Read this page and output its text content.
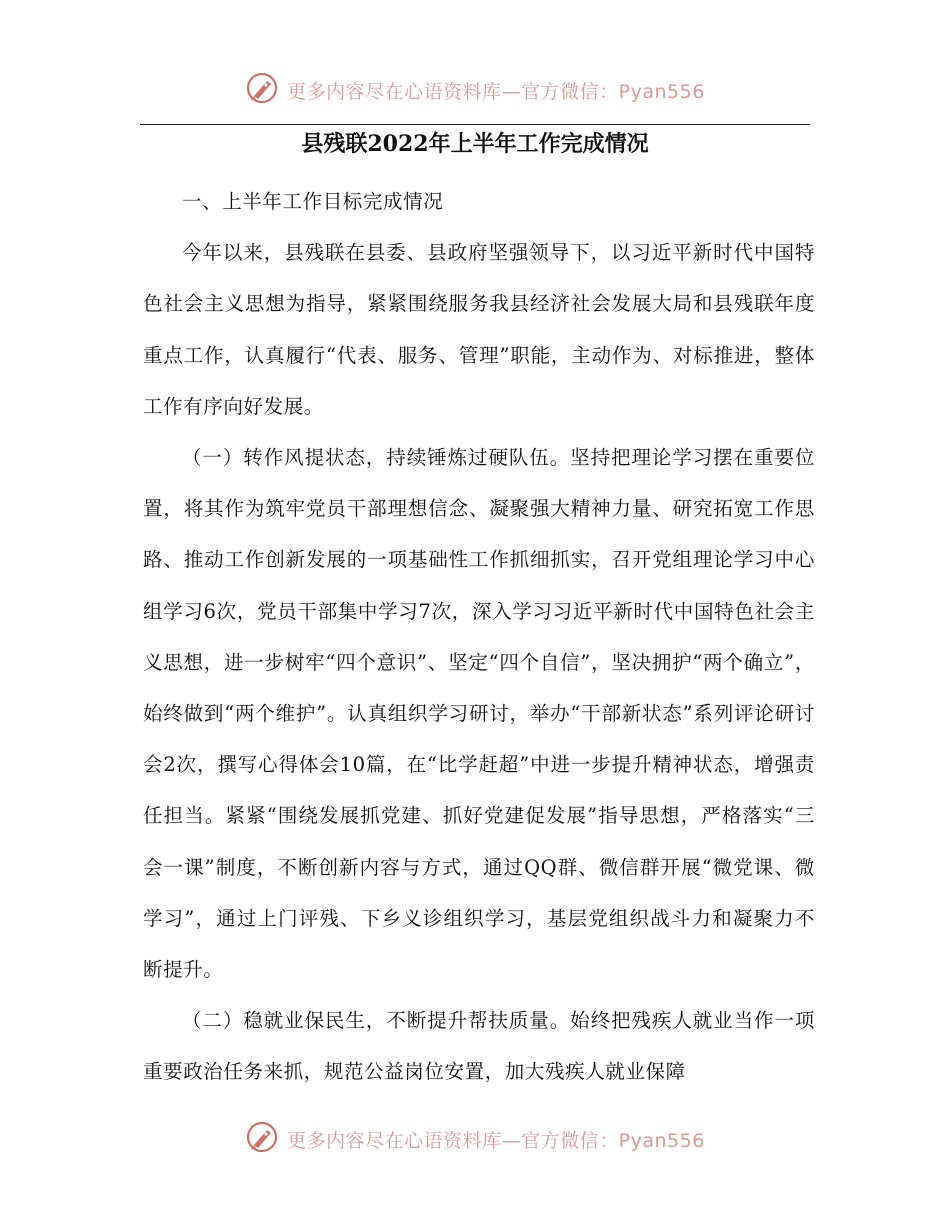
更多内容尽在心语资料库—官方微信：Pyan556
县残联2022年上半年工作完成情况

一、上半年工作目标完成情况

今年以来，县残联在县委、县政府坚强领导下，以习近平新时代中国特色社会主义思想为指导，紧紧围绕服务我县经济社会发展大局和县残联年度重点工作，认真履行“代表、服务、管理”职能，主动作为、对标推进，整体工作有序向好发展。

（一）转作风提状态，持续锤炼过硬队伍。坚持把理论学习摆在重要位置，将其作为筑牢党员干部理想信念、凝聚强大精神力量、研究拓宽工作思路、推动工作创新发展的一项基础性工作抓细抓实，召开党组理论学习中心组学习6次，党员干部集中学习7次，深入学习习近平新时代中国特色社会主义思想，进一步树牢“四个意识”、坚定“四个自信”，坚决拥护“两个确立”，始终做到“两个维护”。认真组织学习研讨，举办“干部新状态”系列评论研讨会2次，撰写心得体会10篇，在“比学赶超”中进一步提升精神状态，增强责任担当。紧紧“围绕发展抓党建、抓好党建促发展”指导思想，严格落实“三会一课”制度，不断创新内容与方式，通过QQ群、微信群开展“微党课、微学习”，通过上门评残、下乡义诊组织学习，基层党组织战斗力和凝聚力不断提升。

（二）稳就业保民生，不断提升帮扶质量。始终把残疾人就业当作一项重要政治任务来抓，规范公益岗位安置，加大残疾人就业保障

更多内容尽在心语资料库—官方微信：Pyan556
